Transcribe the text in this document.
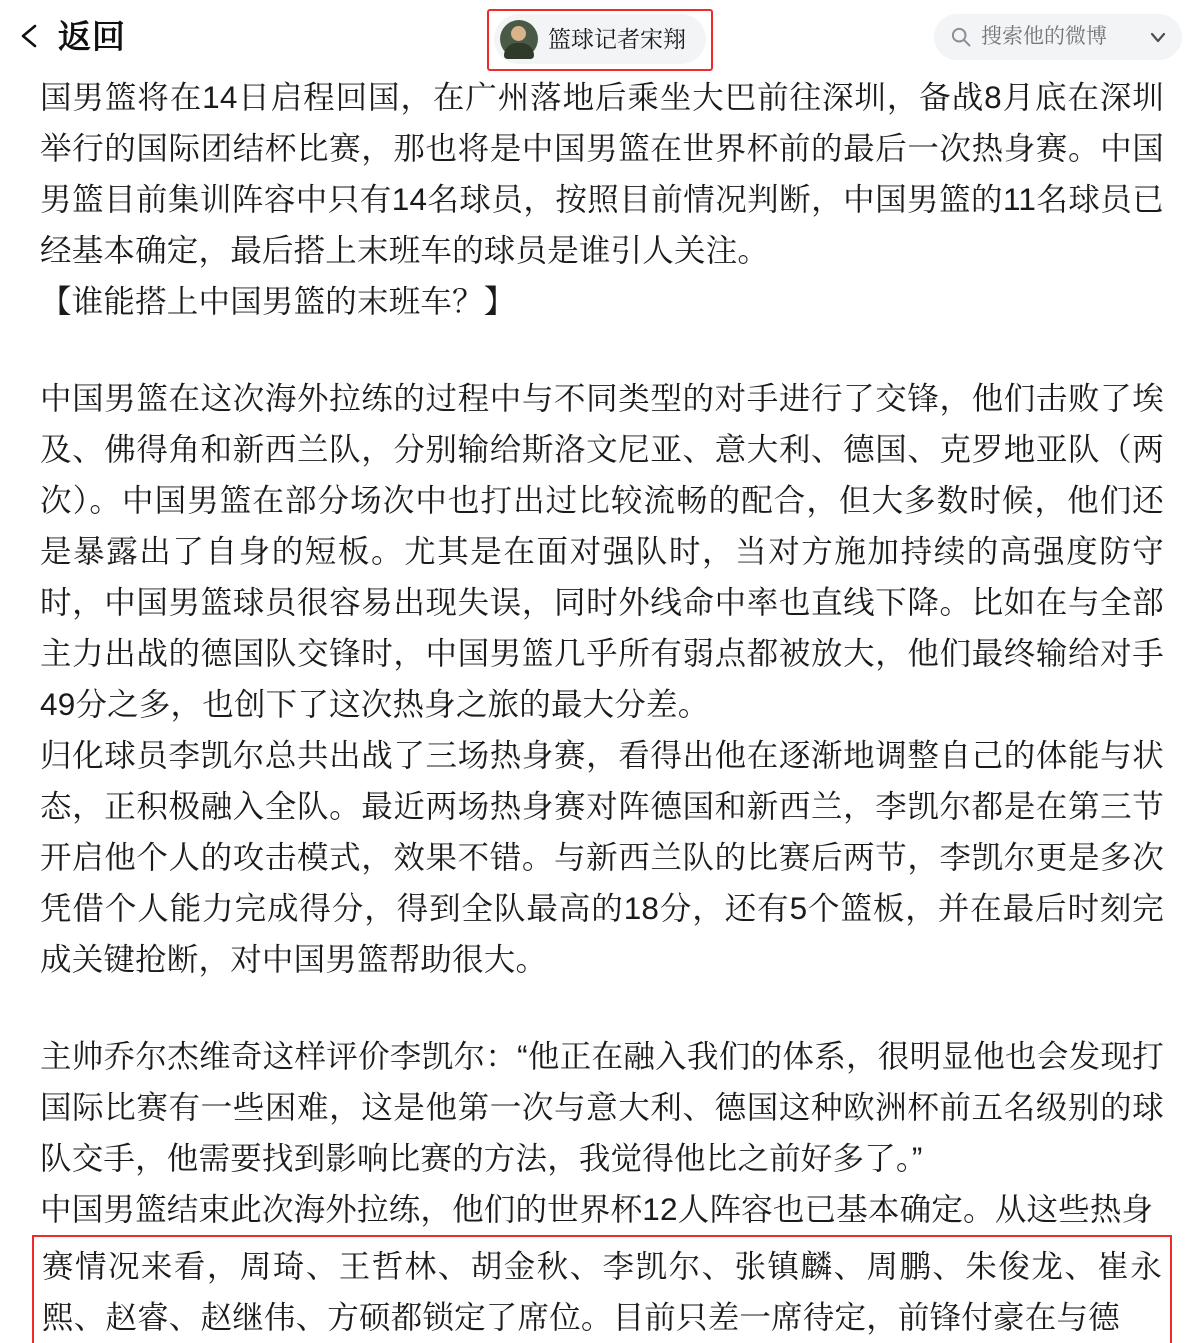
返回	篮球记者宋翔
搜索他的微博

国男篮将在14日启程回国，在广州落地后乘坐大巴前往深圳，备战8月底在深圳举行的国际团结杯比赛，那也将是中国男篮在世界杯前的最后一次热身赛。中国男篮目前集训阵容中只有14名球员，按照目前情况判断，中国男篮的11名球员已经基本确定，最后搭上末班车的球员是谁引人关注。

【谁能搭上中国男篮的末班车？】

中国男篮在这次海外拉练的过程中与不同类型的对手进行了交锋，他们击败了埃及、佛得角和新西兰队，分别输给斯洛文尼亚、意大利、德国、克罗地亚队（两次）。中国男篮在部分场次中也打出过比较流畅的配合，但大多数时候，他们还是暴露出了自身的短板。尤其是在面对强队时，当对方施加持续的高强度防守时，中国男篮球员很容易出现失误，同时外线命中率也直线下降。比如在与全部主力出战的德国队交锋时，中国男篮几乎所有弱点都被放大，他们最终输给对手49分之多，也创下了这次热身之旅的最大分差。

归化球员李凯尔总共出战了三场热身赛，看得出他在逐渐地调整自己的体能与状态，正积极融入全队。最近两场热身赛对阵德国和新西兰，李凯尔都是在第三节开启他个人的攻击模式，效果不错。与新西兰队的比赛后两节，李凯尔更是多次凭借个人能力完成得分，得到全队最高的18分，还有5个篮板，并在最后时刻完成关键抢断，对中国男篮帮助很大。

主帅乔尔杰维奇这样评价李凯尔：“他正在融入我们的体系，很明显他也会发现打国际比赛有一些困难，这是他第一次与意大利、德国这种欧洲杯前五名级别的球队交手，他需要找到影响比赛的方法，我觉得他比之前好多了。”

中国男篮结束此次海外拉练，他们的世界杯12人阵容也已基本确定。从这些热身

赛情况来看，周琦、王哲林、胡金秋、李凯尔、张镇麟、周鹏、朱俊龙、崔永熙、赵睿、赵继伟、方硕都锁定了席位。目前只差一席待定，前锋付豪在与德
